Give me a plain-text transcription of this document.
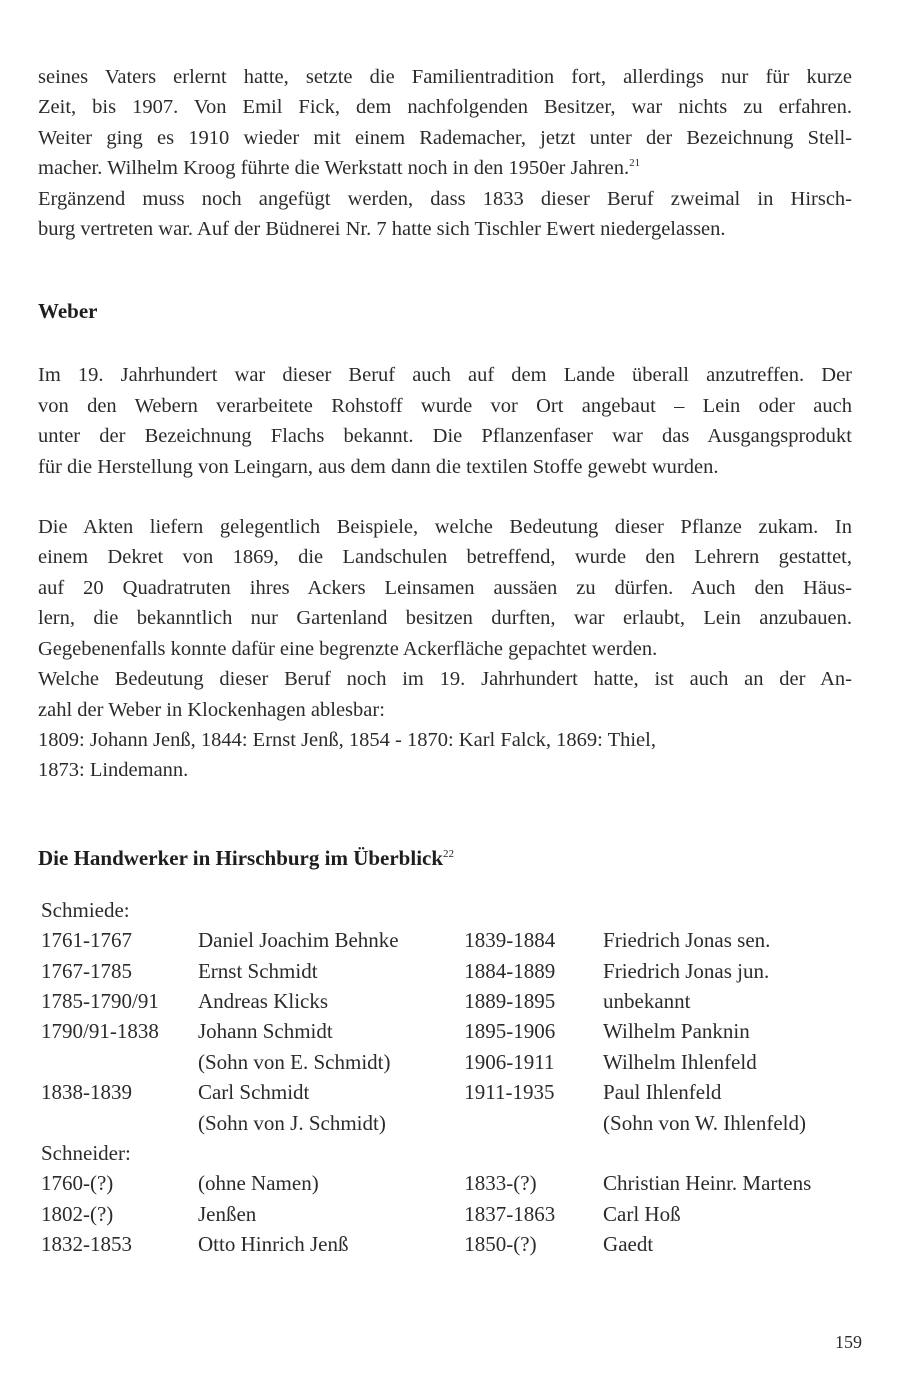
seines Vaters erlernt hatte, setzte die Familientradition fort, allerdings nur für kurze
Zeit, bis 1907. Von Emil Fick, dem nachfolgenden Besitzer, war nichts zu erfahren.
Weiter ging es 1910 wieder mit einem Rademacher, jetzt unter der Bezeichnung Stell-
macher. Wilhelm Kroog führte die Werkstatt noch in den 1950er Jahren.$^{21}$
Ergänzend muss noch angefügt werden, dass 1833 dieser Beruf zweimal in Hirsch-
burg vertreten war. Auf der Büdnerei Nr. 7 hatte sich Tischler Ewert niedergelassen.

Weber

Im 19. Jahrhundert war dieser Beruf auch auf dem Lande überall anzutreffen. Der
von den Webern verarbeitete Rohstoff wurde vor Ort angebaut – Lein oder auch
unter der Bezeichnung Flachs bekannt. Die Pflanzenfaser war das Ausgangsprodukt
für die Herstellung von Leingarn, aus dem dann die textilen Stoffe gewebt wurden.

Die Akten liefern gelegentlich Beispiele, welche Bedeutung dieser Pflanze zukam. In
einem Dekret von 1869, die Landschulen betreffend, wurde den Lehrern gestattet,
auf 20 Quadratruten ihres Ackers Leinsamen aussäen zu dürfen. Auch den Häus-
lern, die bekanntlich nur Gartenland besitzen durften, war erlaubt, Lein anzubauen.
Gegebenenfalls konnte dafür eine begrenzte Ackerfläche gepachtet werden.
Welche Bedeutung dieser Beruf noch im 19. Jahrhundert hatte, ist auch an der An-
zahl der Weber in Klockenhagen ablesbar:
1809: Johann Jenß, 1844: Ernst Jenß, 1854 - 1870: Karl Falck, 1869: Thiel,
1873: Lindemann.

Die Handwerker in Hirschburg im Überblick$^{22}$
Schmiede:			
1761-1767	Daniel Joachim Behnke	1839-1884	Friedrich Jonas sen.
1767-1785	Ernst Schmidt	1884-1889	Friedrich Jonas jun.
1785-1790/91	Andreas Klicks	1889-1895	unbekannt
1790/91-1838	Johann Schmidt	1895-1906	Wilhelm Panknin
	(Sohn von E. Schmidt)	1906-1911	Wilhelm Ihlenfeld
1838-1839	Carl Schmidt	1911-1935	Paul Ihlenfeld
	(Sohn von J. Schmidt)		(Sohn von W. Ihlenfeld)
Schneider:			
1760-(?)	(ohne Namen)	1833-(?)	Christian Heinr. Martens
1802-(?)	Jenßen	1837-1863	Carl Hoß
1832-1853	Otto Hinrich Jenß	1850-(?)	Gaedt
159
